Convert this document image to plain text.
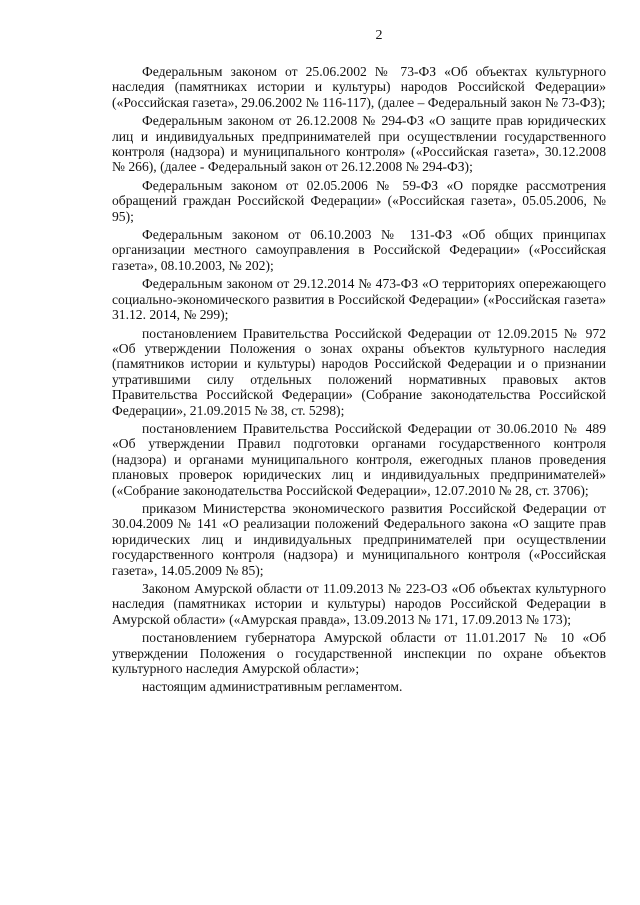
2

Федеральным законом от 25.06.2002 № 73-ФЗ «Об объектах культурного наследия (памятниках истории и культуры) народов Российской Федерации» («Российская газета», 29.06.2002 № 116-117), (далее – Федеральный закон № 73-ФЗ);

Федеральным законом от 26.12.2008 № 294-ФЗ «О защите прав юридических лиц и индивидуальных предпринимателей при осуществлении государственного контроля (надзора) и муниципального контроля» («Российская газета», 30.12.2008 № 266), (далее - Федеральный закон от 26.12.2008 № 294-ФЗ);

Федеральным законом от 02.05.2006 № 59-ФЗ «О порядке рассмотрения обращений граждан Российской Федерации» («Российская газета», 05.05.2006, № 95);

Федеральным законом от 06.10.2003 № 131-ФЗ «Об общих принципах организации местного самоуправления в Российской Федерации» («Российская газета», 08.10.2003, № 202);

Федеральным законом от 29.12.2014 № 473-ФЗ «О территориях опережающего социально-экономического развития в Российской Федерации» («Российская газета» 31.12. 2014, № 299);

постановлением Правительства Российской Федерации от 12.09.2015 № 972 «Об утверждении Положения о зонах охраны объектов культурного наследия (памятников истории и культуры) народов Российской Федерации и о признании утратившими силу отдельных положений нормативных правовых актов Правительства Российской Федерации» (Собрание законодательства Российской Федерации», 21.09.2015 № 38, ст. 5298);

постановлением Правительства Российской Федерации от 30.06.2010 № 489 «Об утверждении Правил подготовки органами государственного контроля (надзора) и органами муниципального контроля, ежегодных планов проведения плановых проверок юридических лиц и индивидуальных предпринимателей» («Собрание законодательства Российской Федерации», 12.07.2010 № 28, ст. 3706);

приказом Министерства экономического развития Российской Федерации от 30.04.2009 № 141 «О реализации положений Федерального закона «О защите прав юридических лиц и индивидуальных предпринимателей при осуществлении государственного контроля (надзора) и муниципального контроля («Российская газета», 14.05.2009 № 85);

Законом Амурской области от 11.09.2013 № 223-ОЗ «Об объектах культурного наследия (памятниках истории и культуры) народов Российской Федерации в Амурской области» («Амурская правда», 13.09.2013 № 171, 17.09.2013 № 173);

постановлением губернатора Амурской области от 11.01.2017 № 10 «Об утверждении Положения о государственной инспекции по охране объектов культурного наследия Амурской области»;

настоящим административным регламентом.
